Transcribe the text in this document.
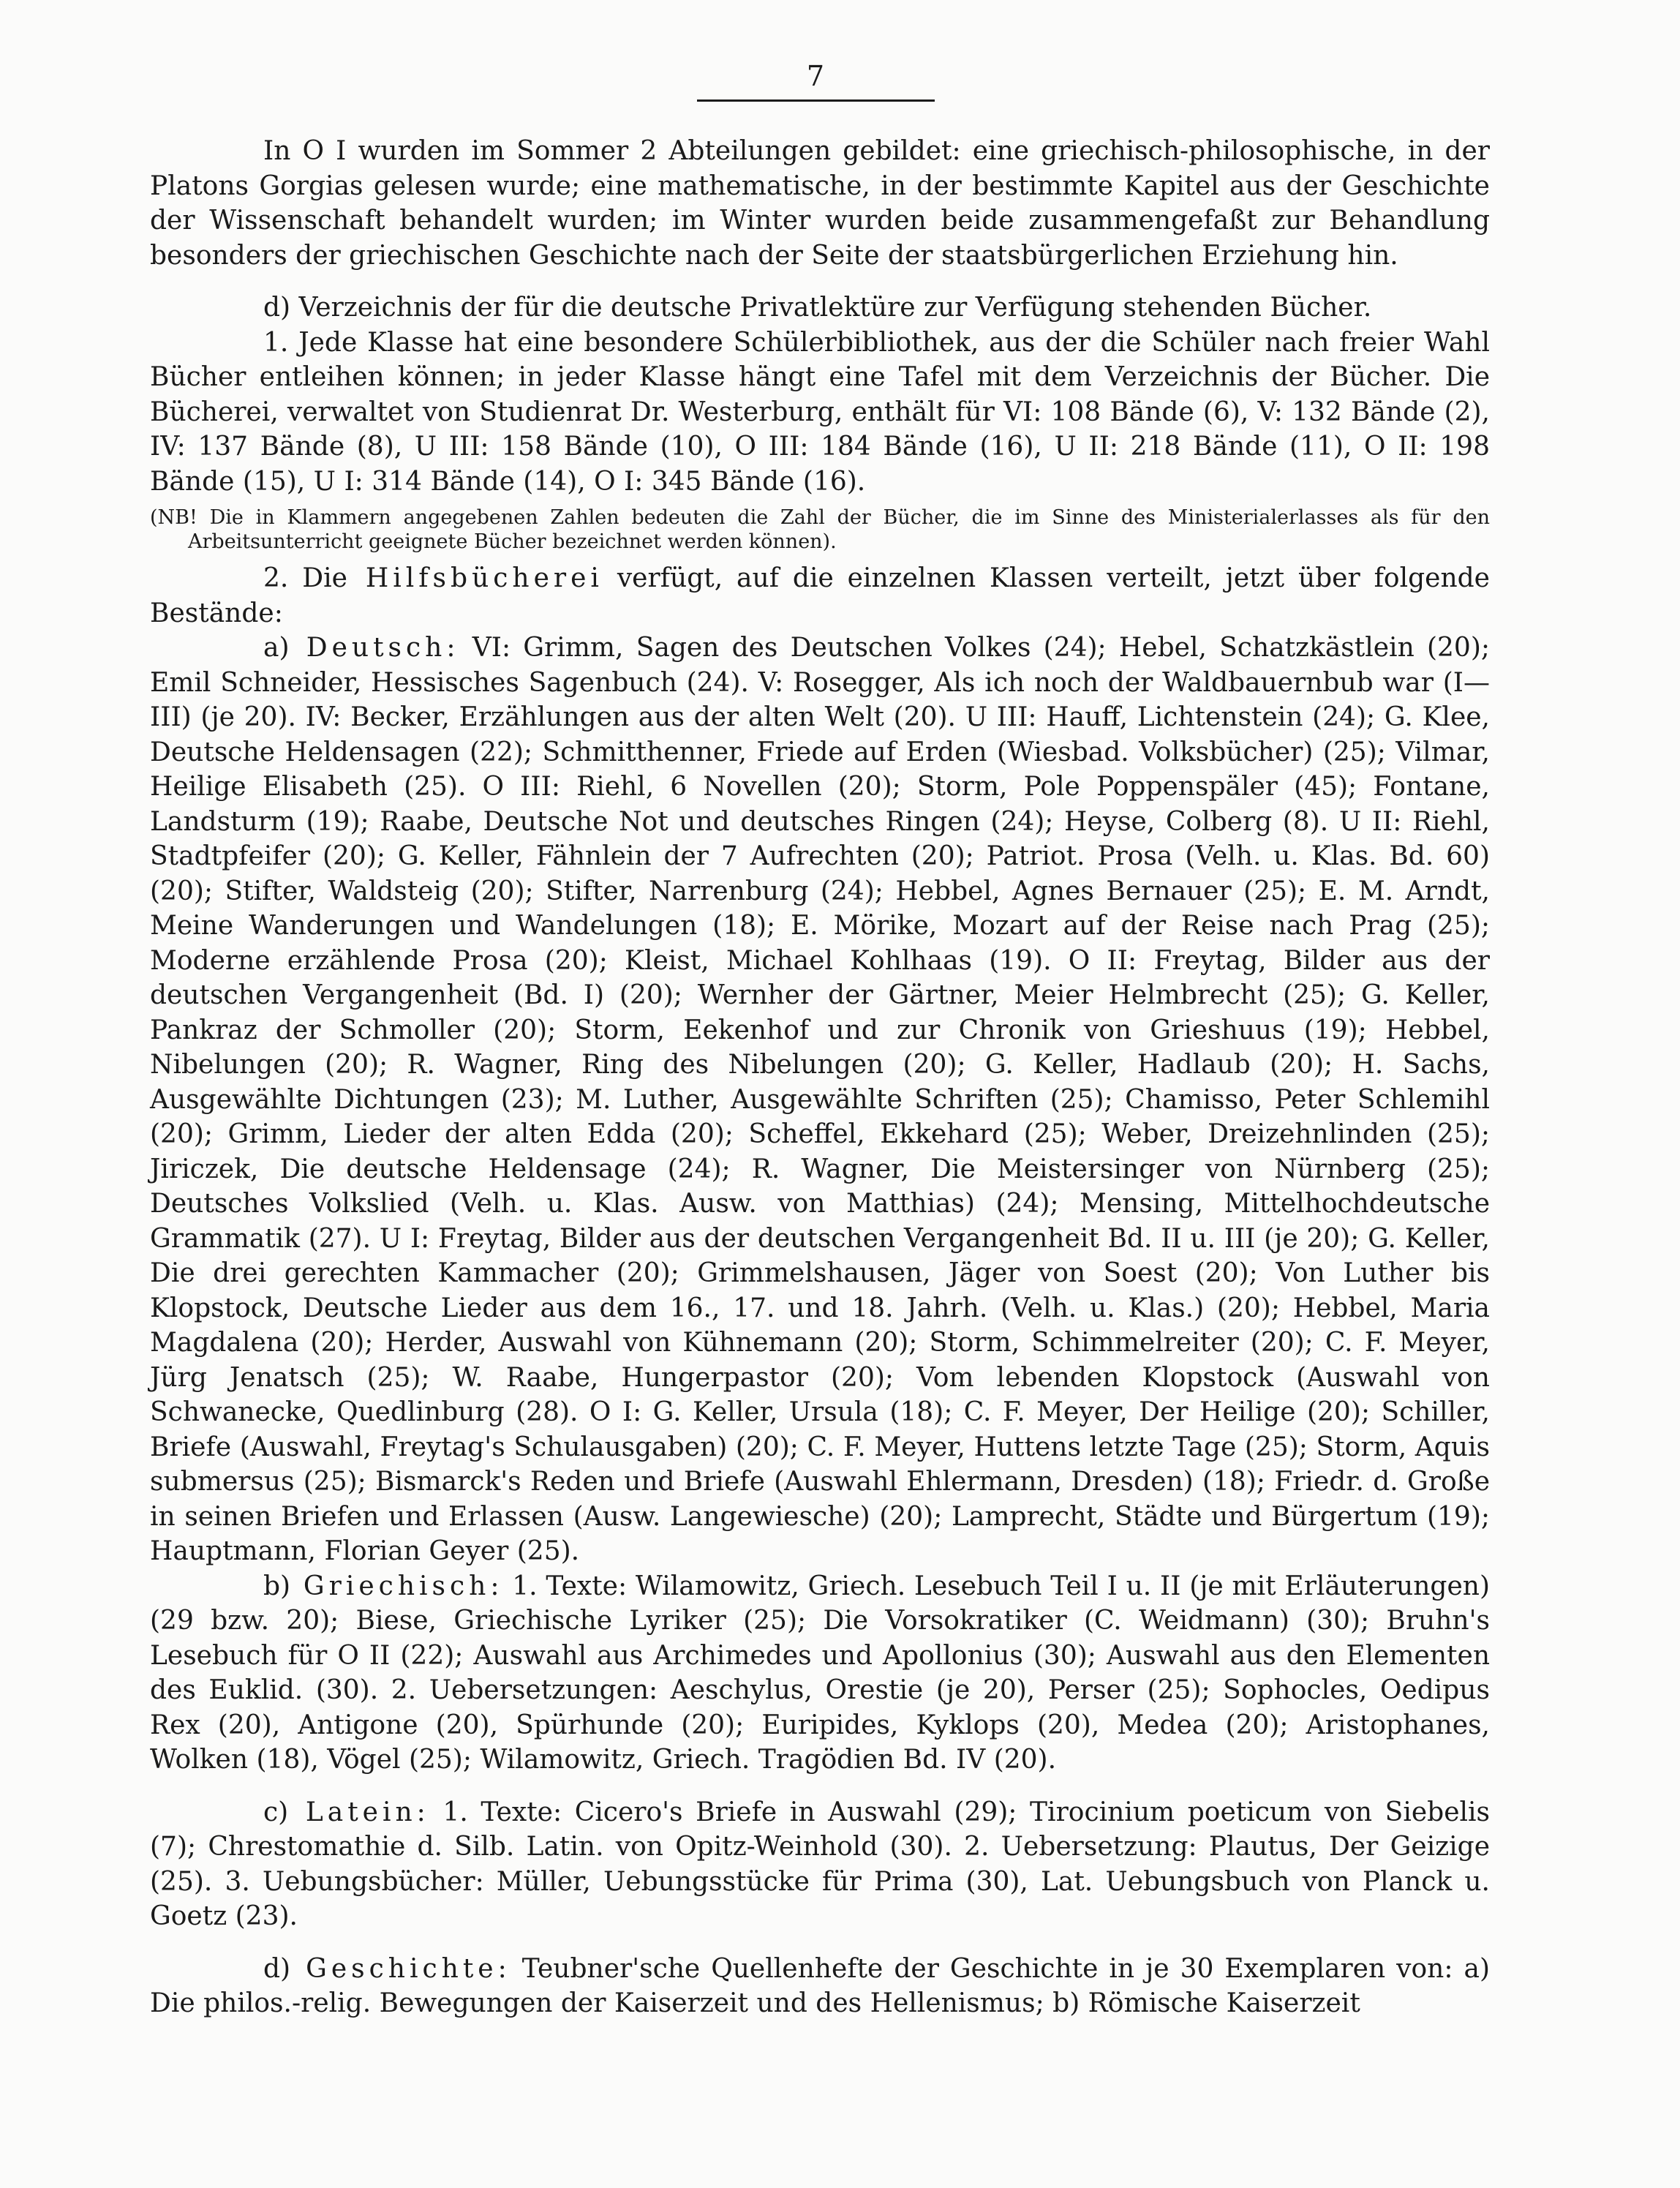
7

In O I wurden im Sommer 2 Abteilungen gebildet: eine griechisch-philosophische, in der Platons Gorgias gelesen wurde; eine mathematische, in der bestimmte Kapitel aus der Geschichte der Wissenschaft behandelt wurden; im Winter wurden beide zusammengefaßt zur Behandlung besonders der griechischen Geschichte nach der Seite der staatsbürgerlichen Erziehung hin.

d) Verzeichnis der für die deutsche Privatlektüre zur Verfügung stehenden Bücher.

1. Jede Klasse hat eine besondere Schülerbibliothek, aus der die Schüler nach freier Wahl Bücher entleihen können; in jeder Klasse hängt eine Tafel mit dem Verzeichnis der Bücher. Die Bücherei, verwaltet von Studienrat Dr. Westerburg, enthält für VI: 108 Bände (6), V: 132 Bände (2), IV: 137 Bände (8), U III: 158 Bände (10), O III: 184 Bände (16), U II: 218 Bände (11), O II: 198 Bände (15), U I: 314 Bände (14), O I: 345 Bände (16).

(NB! Die in Klammern angegebenen Zahlen bedeuten die Zahl der Bücher, die im Sinne des Ministerialerlasses als für den Arbeitsunterricht geeignete Bücher bezeichnet werden können).

2. Die Hilfsbücherei verfügt, auf die einzelnen Klassen verteilt, jetzt über folgende Bestände:

a) Deutsch: VI: Grimm, Sagen des Deutschen Volkes (24); Hebel, Schatzkästlein (20); Emil Schneider, Hessisches Sagenbuch (24). V: Rosegger, Als ich noch der Waldbauernbub war (I—III) (je 20). IV: Becker, Erzählungen aus der alten Welt (20). U III: Hauff, Lichtenstein (24); G. Klee, Deutsche Heldensagen (22); Schmitthenner, Friede auf Erden (Wiesbad. Volksbücher) (25); Vilmar, Heilige Elisabeth (25). O III: Riehl, 6 Novellen (20); Storm, Pole Poppenspäler (45); Fontane, Landsturm (19); Raabe, Deutsche Not und deutsches Ringen (24); Heyse, Colberg (8). U II: Riehl, Stadtpfeifer (20); G. Keller, Fähnlein der 7 Aufrechten (20); Patriot. Prosa (Velh. u. Klas. Bd. 60) (20); Stifter, Waldsteig (20); Stifter, Narrenburg (24); Hebbel, Agnes Bernauer (25); E. M. Arndt, Meine Wanderungen und Wandelungen (18); E. Mörike, Mozart auf der Reise nach Prag (25); Moderne erzählende Prosa (20); Kleist, Michael Kohlhaas (19). O II: Freytag, Bilder aus der deutschen Vergangenheit (Bd. I) (20); Wernher der Gärtner, Meier Helmbrecht (25); G. Keller, Pankraz der Schmoller (20); Storm, Eekenhof und zur Chronik von Grieshuus (19); Hebbel, Nibelungen (20); R. Wagner, Ring des Nibelungen (20); G. Keller, Hadlaub (20); H. Sachs, Ausgewählte Dichtungen (23); M. Luther, Ausgewählte Schriften (25); Chamisso, Peter Schlemihl (20); Grimm, Lieder der alten Edda (20); Scheffel, Ekkehard (25); Weber, Dreizehnlinden (25); Jiriczek, Die deutsche Heldensage (24); R. Wagner, Die Meistersinger von Nürnberg (25); Deutsches Volkslied (Velh. u. Klas. Ausw. von Matthias) (24); Mensing, Mittelhochdeutsche Grammatik (27). U I: Freytag, Bilder aus der deutschen Vergangenheit Bd. II u. III (je 20); G. Keller, Die drei gerechten Kammacher (20); Grimmelshausen, Jäger von Soest (20); Von Luther bis Klopstock, Deutsche Lieder aus dem 16., 17. und 18. Jahrh. (Velh. u. Klas.) (20); Hebbel, Maria Magdalena (20); Herder, Auswahl von Kühnemann (20); Storm, Schimmelreiter (20); C. F. Meyer, Jürg Jenatsch (25); W. Raabe, Hungerpastor (20); Vom lebenden Klopstock (Auswahl von Schwanecke, Quedlinburg (28). O I: G. Keller, Ursula (18); C. F. Meyer, Der Heilige (20); Schiller, Briefe (Auswahl, Freytag's Schulausgaben) (20); C. F. Meyer, Huttens letzte Tage (25); Storm, Aquis submersus (25); Bismarck's Reden und Briefe (Auswahl Ehlermann, Dresden) (18); Friedr. d. Große in seinen Briefen und Erlassen (Ausw. Langewiesche) (20); Lamprecht, Städte und Bürgertum (19); Hauptmann, Florian Geyer (25).

b) Griechisch: 1. Texte: Wilamowitz, Griech. Lesebuch Teil I u. II (je mit Erläuterungen) (29 bzw. 20); Biese, Griechische Lyriker (25); Die Vorsokratiker (C. Weidmann) (30); Bruhn's Lesebuch für O II (22); Auswahl aus Archimedes und Apollonius (30); Auswahl aus den Elementen des Euklid. (30). 2. Uebersetzungen: Aeschylus, Orestie (je 20), Perser (25); Sophocles, Oedipus Rex (20), Antigone (20), Spürhunde (20); Euripides, Kyklops (20), Medea (20); Aristophanes, Wolken (18), Vögel (25); Wilamowitz, Griech. Tragödien Bd. IV (20).

c) Latein: 1. Texte: Cicero's Briefe in Auswahl (29); Tirocinium poeticum von Siebelis (7); Chrestomathie d. Silb. Latin. von Opitz-Weinhold (30). 2. Uebersetzung: Plautus, Der Geizige (25). 3. Uebungsbücher: Müller, Uebungsstücke für Prima (30), Lat. Uebungsbuch von Planck u. Goetz (23).

d) Geschichte: Teubner'sche Quellenhefte der Geschichte in je 30 Exemplaren von: a) Die philos.-relig. Bewegungen der Kaiserzeit und des Hellenismus; b) Römische Kaiserzeit
